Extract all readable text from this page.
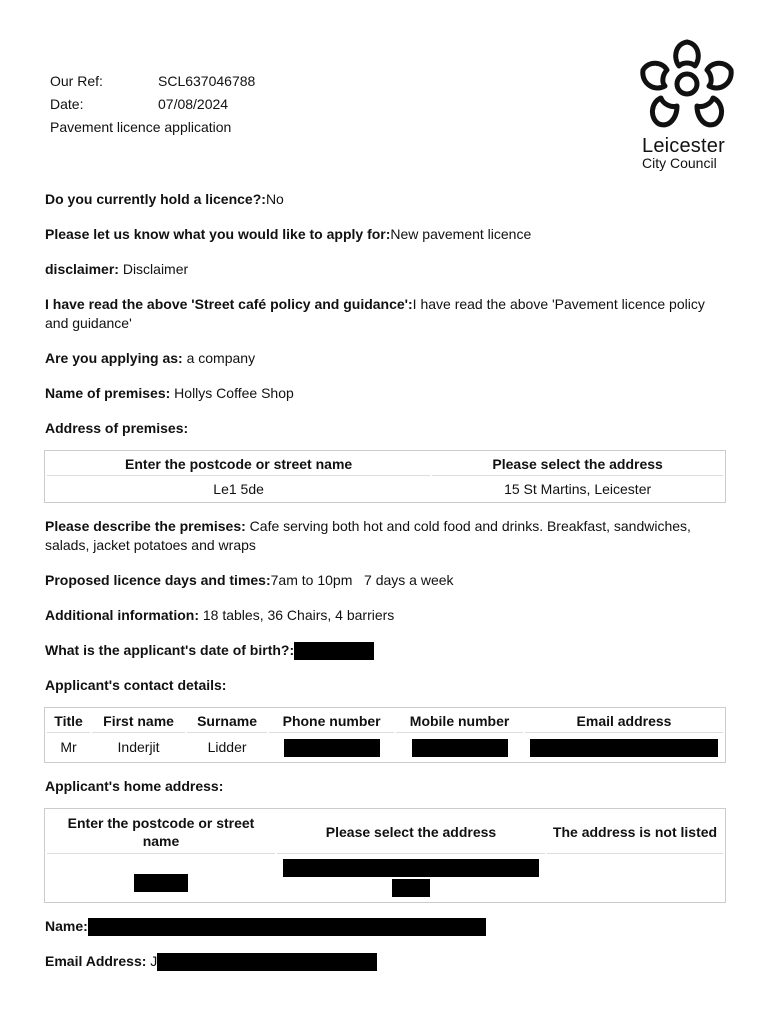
Our Ref:	SCL637046788
Date:	07/08/2024
Pavement licence application
Leicester
City Council
Do you currently hold a licence?:No
Please let us know what you would like to apply for:New pavement licence
disclaimer: Disclaimer
I have read the above 'Street café policy and guidance':I have read the above 'Pavement licence policy and guidance'
Are you applying as: a company
Name of premises: Hollys Coffee Shop
Address of premises:
Enter the postcode or street name	Please select the address
Le1 5de	15 St Martins, Leicester
Please describe the premises: Cafe serving both hot and cold food and drinks. Breakfast, sandwiches, salads, jacket potatoes and wraps
Proposed licence days and times:7am to 10pm   7 days a week
Additional information: 18 tables, 36 Chairs, 4 barriers
What is the applicant's date of birth?:
Applicant's contact details:
Title	First name	Surname	Phone number	Mobile number	Email address
Mr	Inderjit	Lidder			
Applicant's home address:
Enter the postcode or street name	Please select the address	The address is not listed

Name:
Email Address: J
